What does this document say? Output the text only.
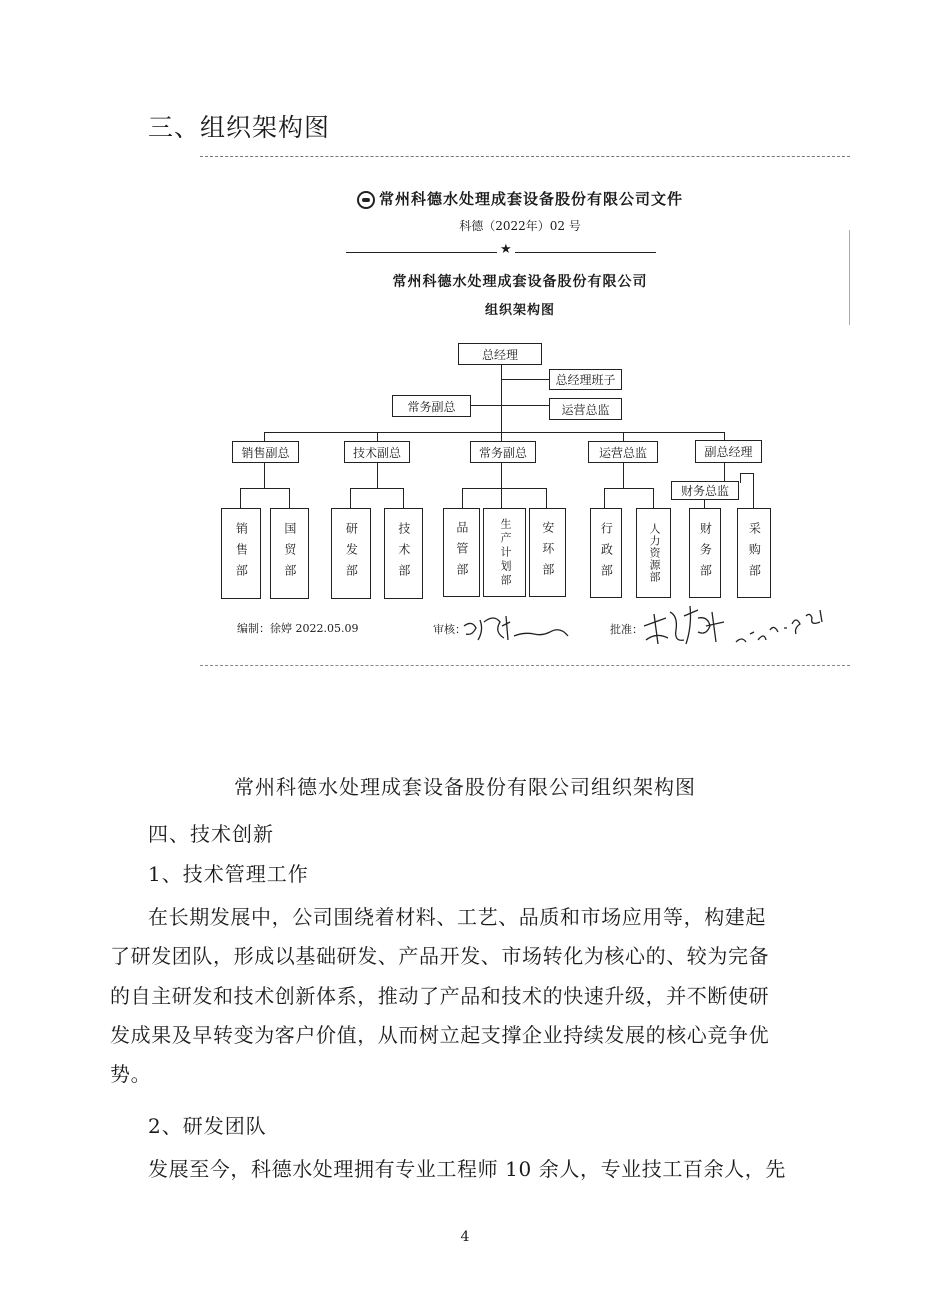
三、组织架构图
常州科德水处理成套设备股份有限公司文件
科德（2022年）02 号
★
常州科德水处理成套设备股份有限公司
组织架构图
总经理
总经理班子
常务副总	运营总监
销售副总	技术副总	常务副总	运营总监	副总经理
财务总监
销售部	国贸部	研发部	技术部	品管部	生产计划部	安环部	行政部	人力资源部	财务部	采购部
编制：徐婷 2022.05.09	审核：	批准：
常州科德水处理成套设备股份有限公司组织架构图
四、技术创新
1、技术管理工作
在长期发展中，公司围绕着材料、工艺、品质和市场应用等，构建起
了研发团队，形成以基础研发、产品开发、市场转化为核心的、较为完备
的自主研发和技术创新体系，推动了产品和技术的快速升级，并不断使研
发成果及早转变为客户价值，从而树立起支撑企业持续发展的核心竞争优
势。
2、研发团队
发展至今，科德水处理拥有专业工程师 10 余人，专业技工百余人，先
4
